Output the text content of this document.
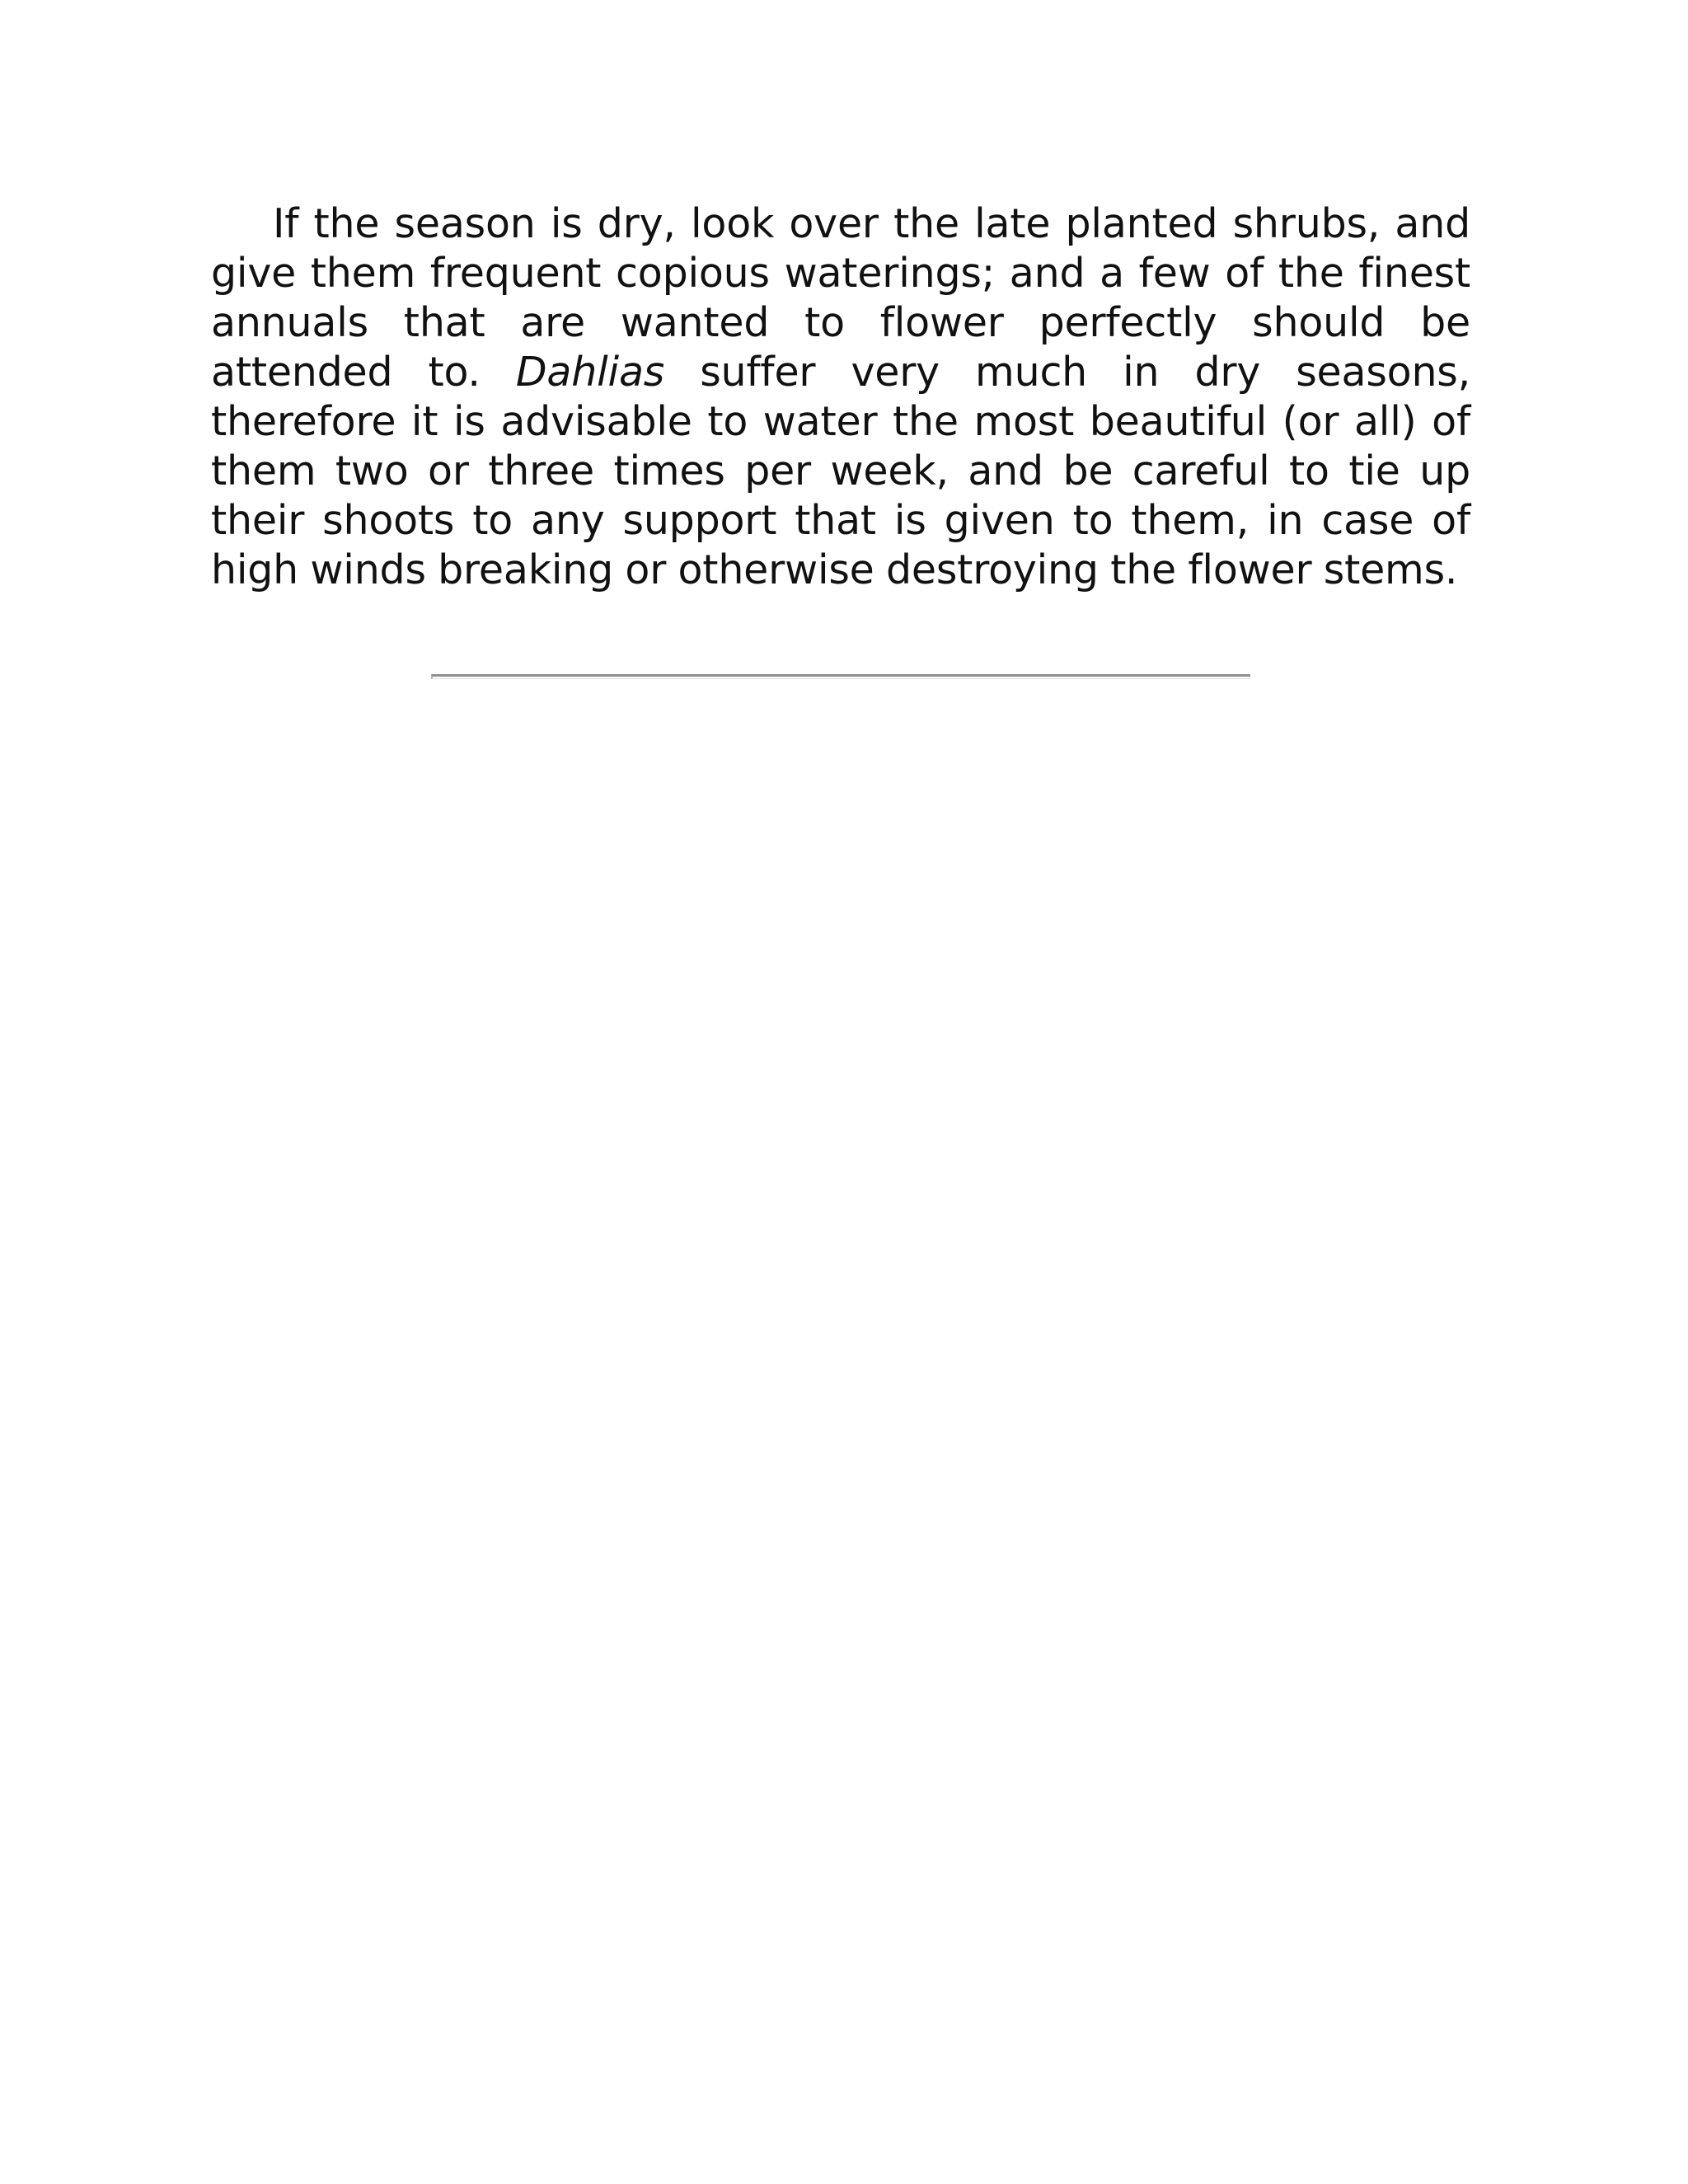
If the season is dry, look over the late planted shrubs, and give them frequent copious waterings; and a few of the finest annuals that are wanted to flower perfectly should be attended to. Dahlias suffer very much in dry seasons, therefore it is advisable to water the most beautiful (or all) of them two or three times per week, and be careful to tie up their shoots to any support that is given to them, in case of high winds breaking or otherwise destroying the flower stems.
